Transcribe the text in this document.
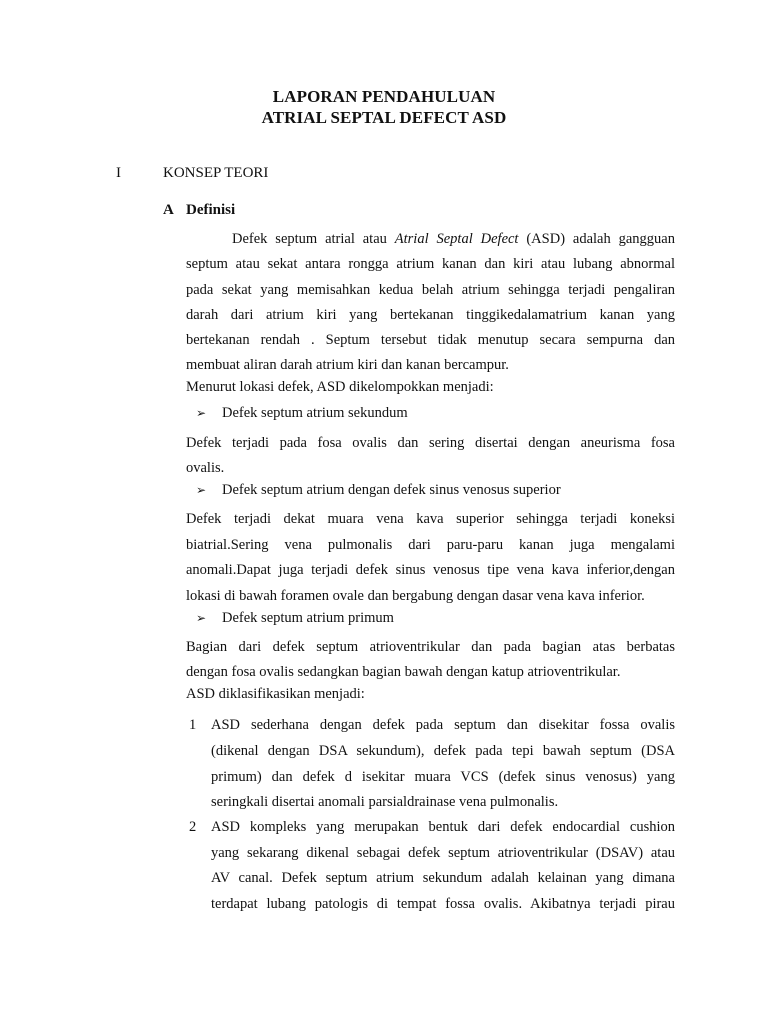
LAPORAN PENDAHULUAN
ATRIAL SEPTAL DEFECT ASD
I	KONSEP TEORI
A Definisi
Defek septum atrial atau Atrial Septal Defect (ASD) adalah gangguan
septum atau sekat antara rongga atrium kanan dan kiri atau lubang abnormal
pada sekat yang memisahkan kedua belah atrium sehingga terjadi pengaliran
darah dari atrium kiri yang bertekanan tinggikedalamatrium kanan yang
bertekanan rendah . Septum tersebut tidak menutup secara sempurna dan
membuat aliran darah atrium kiri dan kanan bercampur.
Menurut lokasi defek, ASD dikelompokkan menjadi:
➢ Defek septum atrium sekundum
Defek terjadi pada fosa ovalis dan sering disertai dengan aneurisma fosa
ovalis.
➢ Defek septum atrium dengan defek sinus venosus superior
Defek terjadi dekat muara vena kava superior sehingga terjadi koneksi
biatrial.Sering vena pulmonalis dari paru-paru kanan juga mengalami
anomali.Dapat juga terjadi defek sinus venosus tipe vena kava inferior,dengan
lokasi di bawah foramen ovale dan bergabung dengan dasar vena kava inferior.
➢ Defek septum atrium primum
Bagian dari defek septum atrioventrikular dan pada bagian atas berbatas
dengan fosa ovalis sedangkan bagian bawah dengan katup atrioventrikular.
ASD diklasifikasikan menjadi:
1 ASD sederhana dengan defek pada septum dan disekitar fossa ovalis
(dikenal dengan DSA sekundum), defek pada tepi bawah septum (DSA
primum) dan defek d isekitar muara VCS (defek sinus venosus) yang
seringkali disertai anomali parsialdrainase vena pulmonalis.
2 ASD kompleks yang merupakan bentuk dari defek endocardial cushion
yang sekarang dikenal sebagai defek septum atrioventrikular (DSAV) atau
AV canal. Defek septum atrium sekundum adalah kelainan yang dimana
terdapat lubang patologis di tempat fossa ovalis. Akibatnya terjadi pirau
